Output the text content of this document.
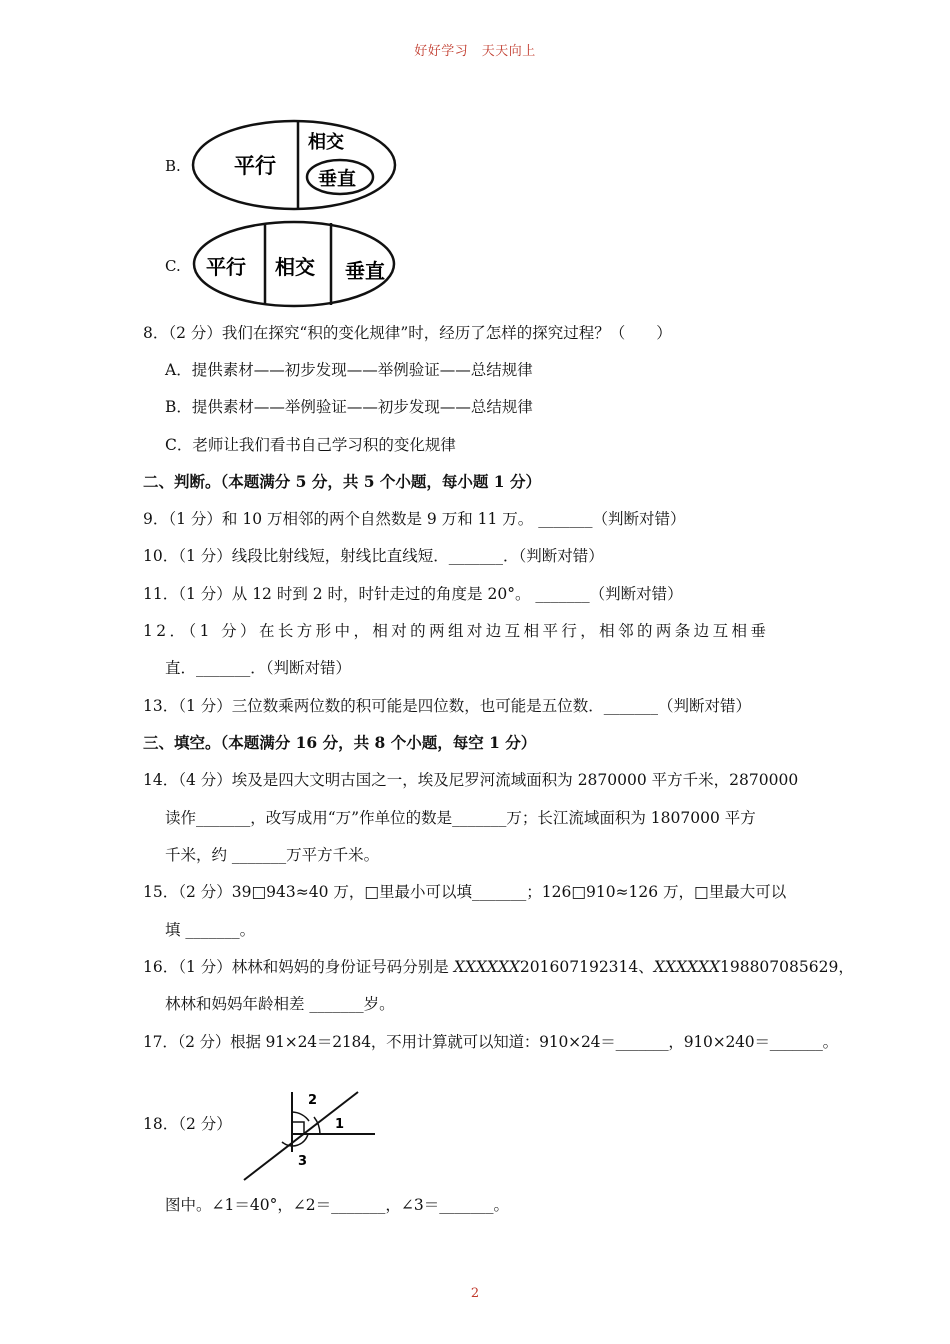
好好学习　天天向上
B.	平行
相交
垂直
C. 平行 相交 垂直
8．（2 分）我们在探究“积的变化规律”时，经历了怎样的探究过程？（　　）
A．提供素材——初步发现——举例验证——总结规律
B．提供素材——举例验证——初步发现——总结规律
C．老师让我们看书自己学习积的变化规律
二、判断。（本题满分 5 分，共 5 个小题，每小题 1 分）
9．（1 分）和 10 万相邻的两个自然数是 9 万和 11 万。 _______（判断对错）
10．（1 分）线段比射线短，射线比直线短．_______．（判断对错）
11．（1 分）从 12 时到 2 时，时针走过的角度是 20°。 _______（判断对错）
12．（1 分）在长方形中，相对的两组对边互相平行，相邻的两条边互相垂
直．_______．（判断对错）
13．（1 分）三位数乘两位数的积可能是四位数，也可能是五位数．_______（判断对错）
三、填空。（本题满分 16 分，共 8 个小题，每空 1 分）
14．（4 分）埃及是四大文明古国之一，埃及尼罗河流域面积为 2870000 平方千米，2870000
读作_______，改写成用“万”作单位的数是_______万；长江流域面积为 1807000 平方
千米，约 _______万平方千米。
15．（2 分）39□943≈40 万，□里最小可以填_______；126□910≈126 万，□里最大可以
填 _______。
16．（1 分）林林和妈妈的身份证号码分别是 XXXXXX201607192314、XXXXXX198807085629，
林林和妈妈年龄相差 _______岁。
17．（2 分）根据 91×24＝2184，不用计算就可以知道：910×24＝_______，910×240＝_______。
18．（2 分）	1
2
3
图中。∠1＝40°，∠2＝_______，∠3＝_______。
2
